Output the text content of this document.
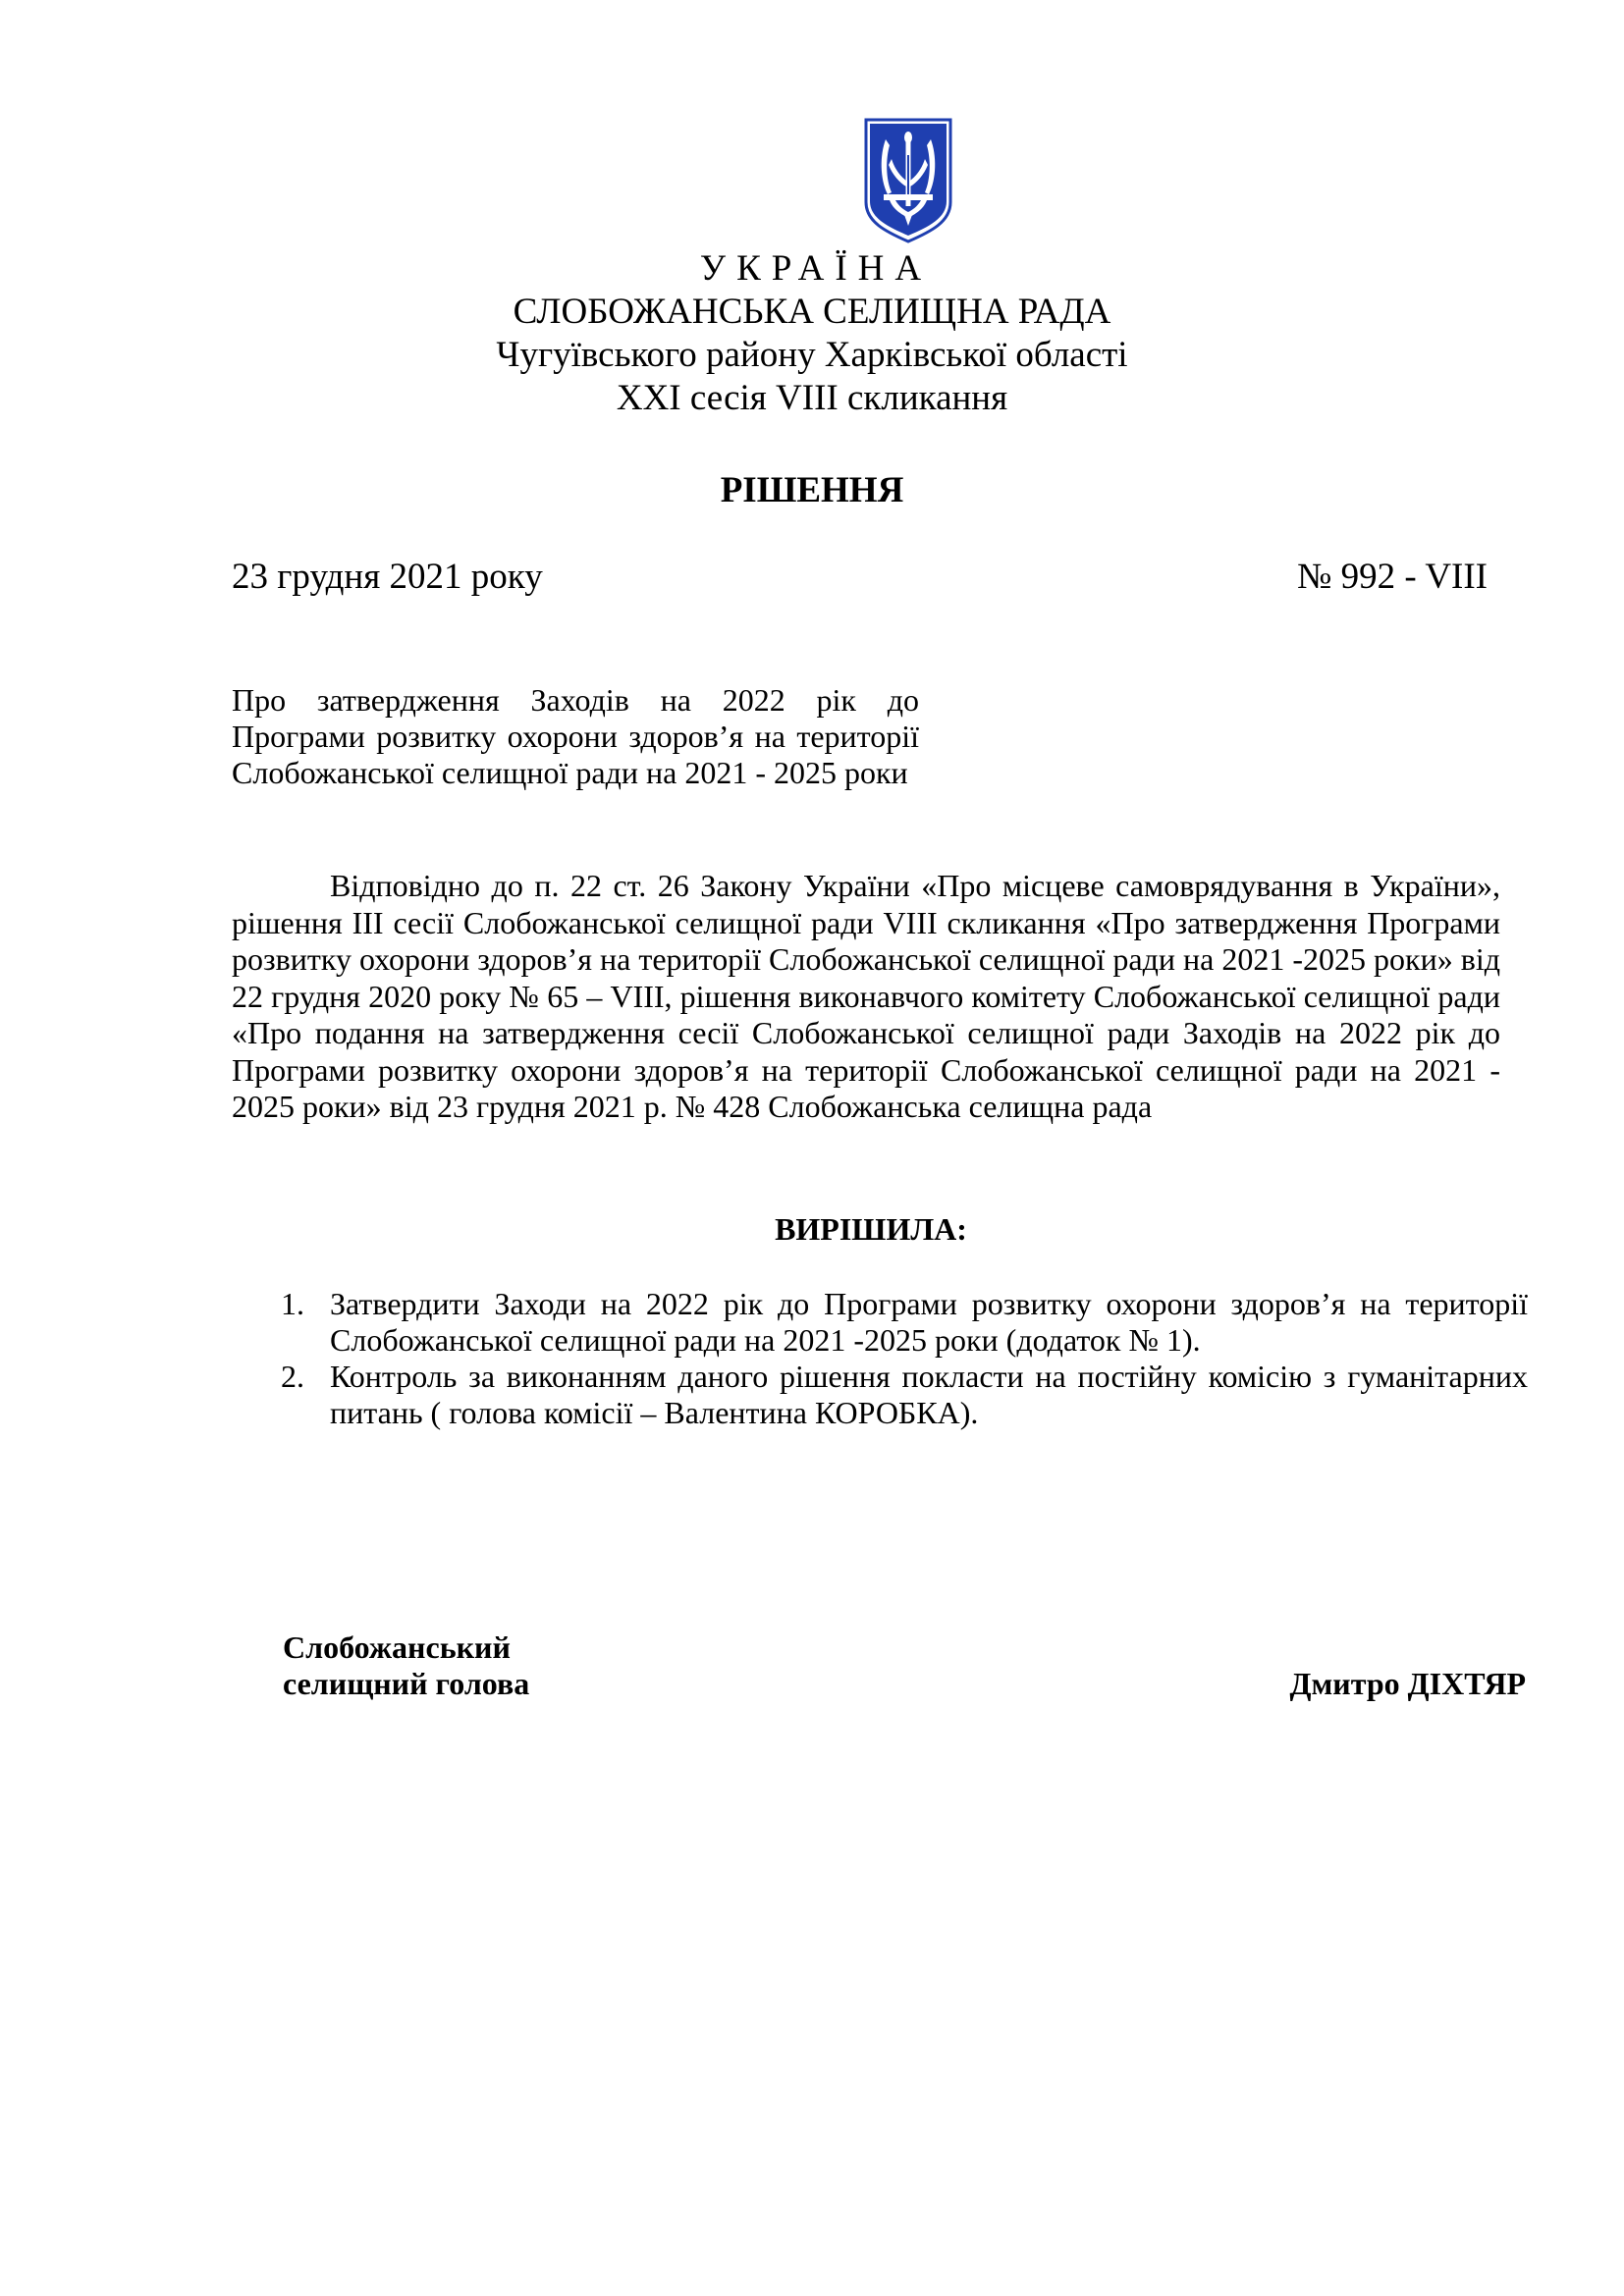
УКРАЇНА
СЛОБОЖАНСЬКА СЕЛИЩНА РАДА
Чугуївського району Харківської області
XXI сесія VIII скликання
РІШЕННЯ
23 грудня 2021 року	№ 992 - VIII
Про затвердження Заходів на 2022 рік до Програми розвитку охорони здоров’я на території Слобожанської селищної ради на 2021 - 2025 роки
Відповідно до п. 22 ст. 26 Закону України «Про місцеве самоврядування в України», рішення III сесії Слобожанської селищної ради VIII скликання «Про затвердження Програми розвитку охорони здоров’я на території Слобожанської селищної ради на 2021 -2025 роки» від 22 грудня 2020 року № 65 – VIII, рішення виконавчого комітету Слобожанської селищної ради «Про подання на затвердження сесії Слобожанської селищної ради Заходів на 2022 рік до Програми розвитку охорони здоров’я на території Слобожанської селищної ради на 2021 - 2025 роки» від 23 грудня 2021 р. № 428 Слобожанська селищна рада
ВИРІШИЛА:
1. Затвердити Заходи на 2022 рік до Програми розвитку охорони здоров’я на території Слобожанської селищної ради на 2021 -2025 роки (додаток № 1).
2. Контроль за виконанням даного рішення покласти на постійну комісію з гуманітарних питань ( голова комісії – Валентина КОРОБКА).
Слобожанський
селищний голова	Дмитро ДІХТЯР
